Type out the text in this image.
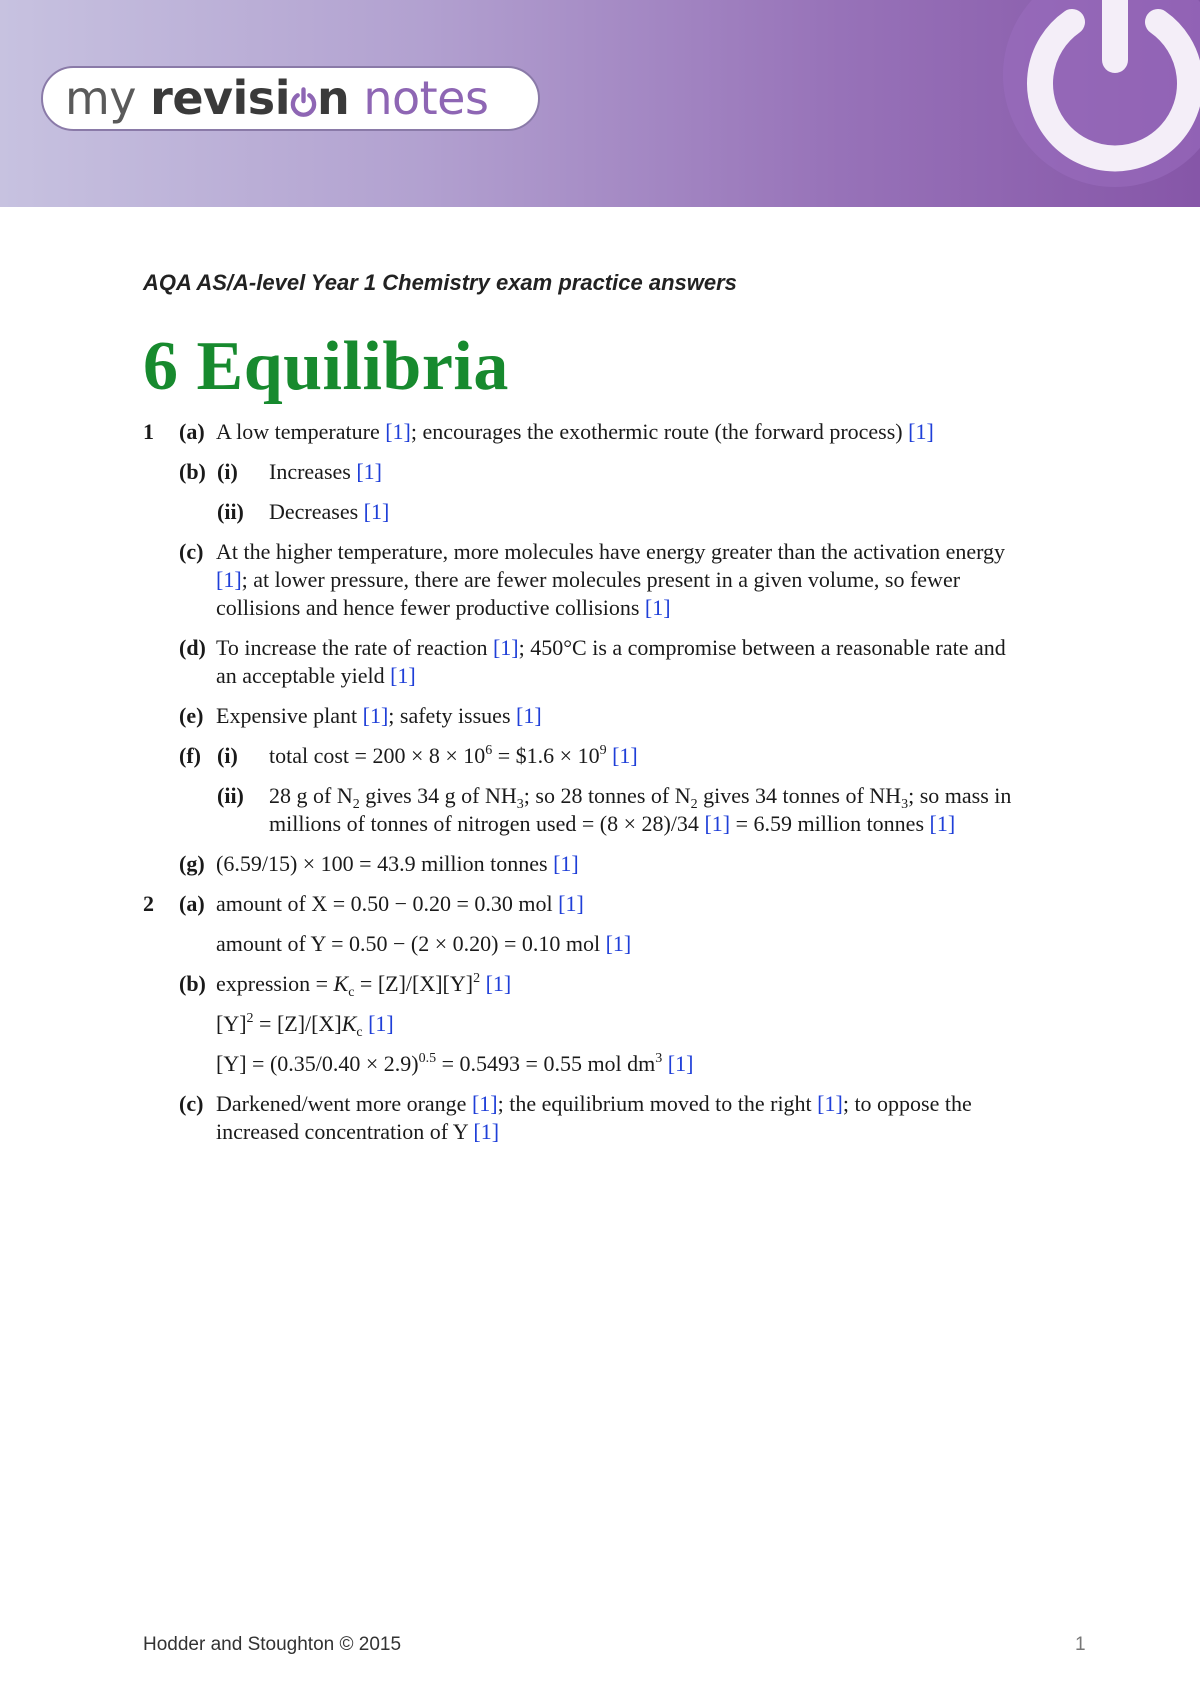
my revisi n notes

AQA AS/A-level Year 1 Chemistry exam practice answers

6 Equilibria
1 (a) A low temperature [1]; encourages the exothermic route (the forward process) [1]
(b) (i) Increases [1]
(ii) Decreases [1]
(c) At the higher temperature, more molecules have energy greater than the activation energy
[1]; at lower pressure, there are fewer molecules present in a given volume, so fewer
collisions and hence fewer productive collisions [1]
(d) To increase the rate of reaction [1]; 450°C is a compromise between a reasonable rate and
an acceptable yield [1]
(e) Expensive plant [1]; safety issues [1]
(f) (i) total $\cos t = 200 \times 8 \times 10^6$ = $1.6 × $10^9$ [1]
(ii) 28 g of $N_2$ gives 34 g of $NH_3$; so 28 tonnes of $N_2$ gives 34 tonnes of $NH_3$; so mass in
millions of tonnes of nitrogen used = (8 × 28)/34 [1] = 6.59 million tonnes [1]
(g) (6.59/15) × 100 = 43.9 million tonnes [1]
2 (a) amount of X = 0.50 − 0.20 = 0.30 mol [1]
amount of Y = 0.50 − (2 × 0.20) = 0.10 mol [1]
(b) expression = $K_c = [Z]/[X][Y]^2$ [1]
$[Y]^2 = [Z]/[X]K_c$ [1]
$[Y] = (0.35/0.40 \times 2.9)^{0.5} = 0.5493 = 0.55$ mol $dm^3$ [1]
(c) Darkened/went more orange [1]; the equilibrium moved to the right [1]; to oppose the
increased concentration of Y [1]

Hodder and Stoughton © 2015	1
